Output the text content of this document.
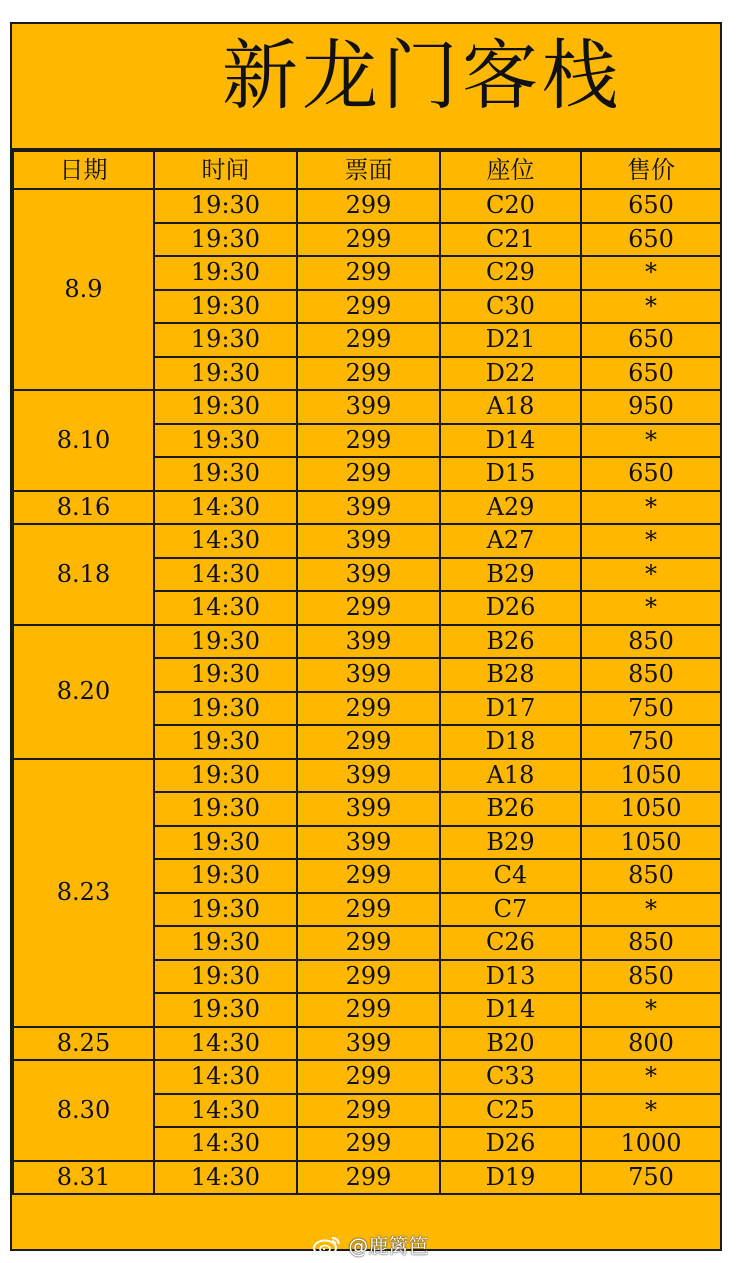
新龙门客栈
日期	时间	票面	座位	售价
8.9	19:30	299	C20	650
	19:30	299	C21	650
	19:30	299	C29	*
	19:30	299	C30	*
	19:30	299	D21	650
	19:30	299	D22	650
8.10	19:30	399	A18	950
	19:30	299	D14	*
	19:30	299	D15	650
8.16	14:30	399	A29	*
8.18	14:30	399	A27	*
	14:30	399	B29	*
	14:30	299	D26	*
8.20	19:30	399	B26	850
	19:30	399	B28	850
	19:30	299	D17	750
	19:30	299	D18	750
8.23	19:30	399	A18	1050
	19:30	399	B26	1050
	19:30	399	B29	1050
	19:30	299	C4	850
	19:30	299	C7	*
	19:30	299	C26	850
	19:30	299	D13	850
	19:30	299	D14	*
8.25	14:30	399	B20	800
8.30	14:30	299	C33	*
	14:30	299	C25	*
	14:30	299	D26	1000
8.31	14:30	299	D19	750
@鹿篱笆
